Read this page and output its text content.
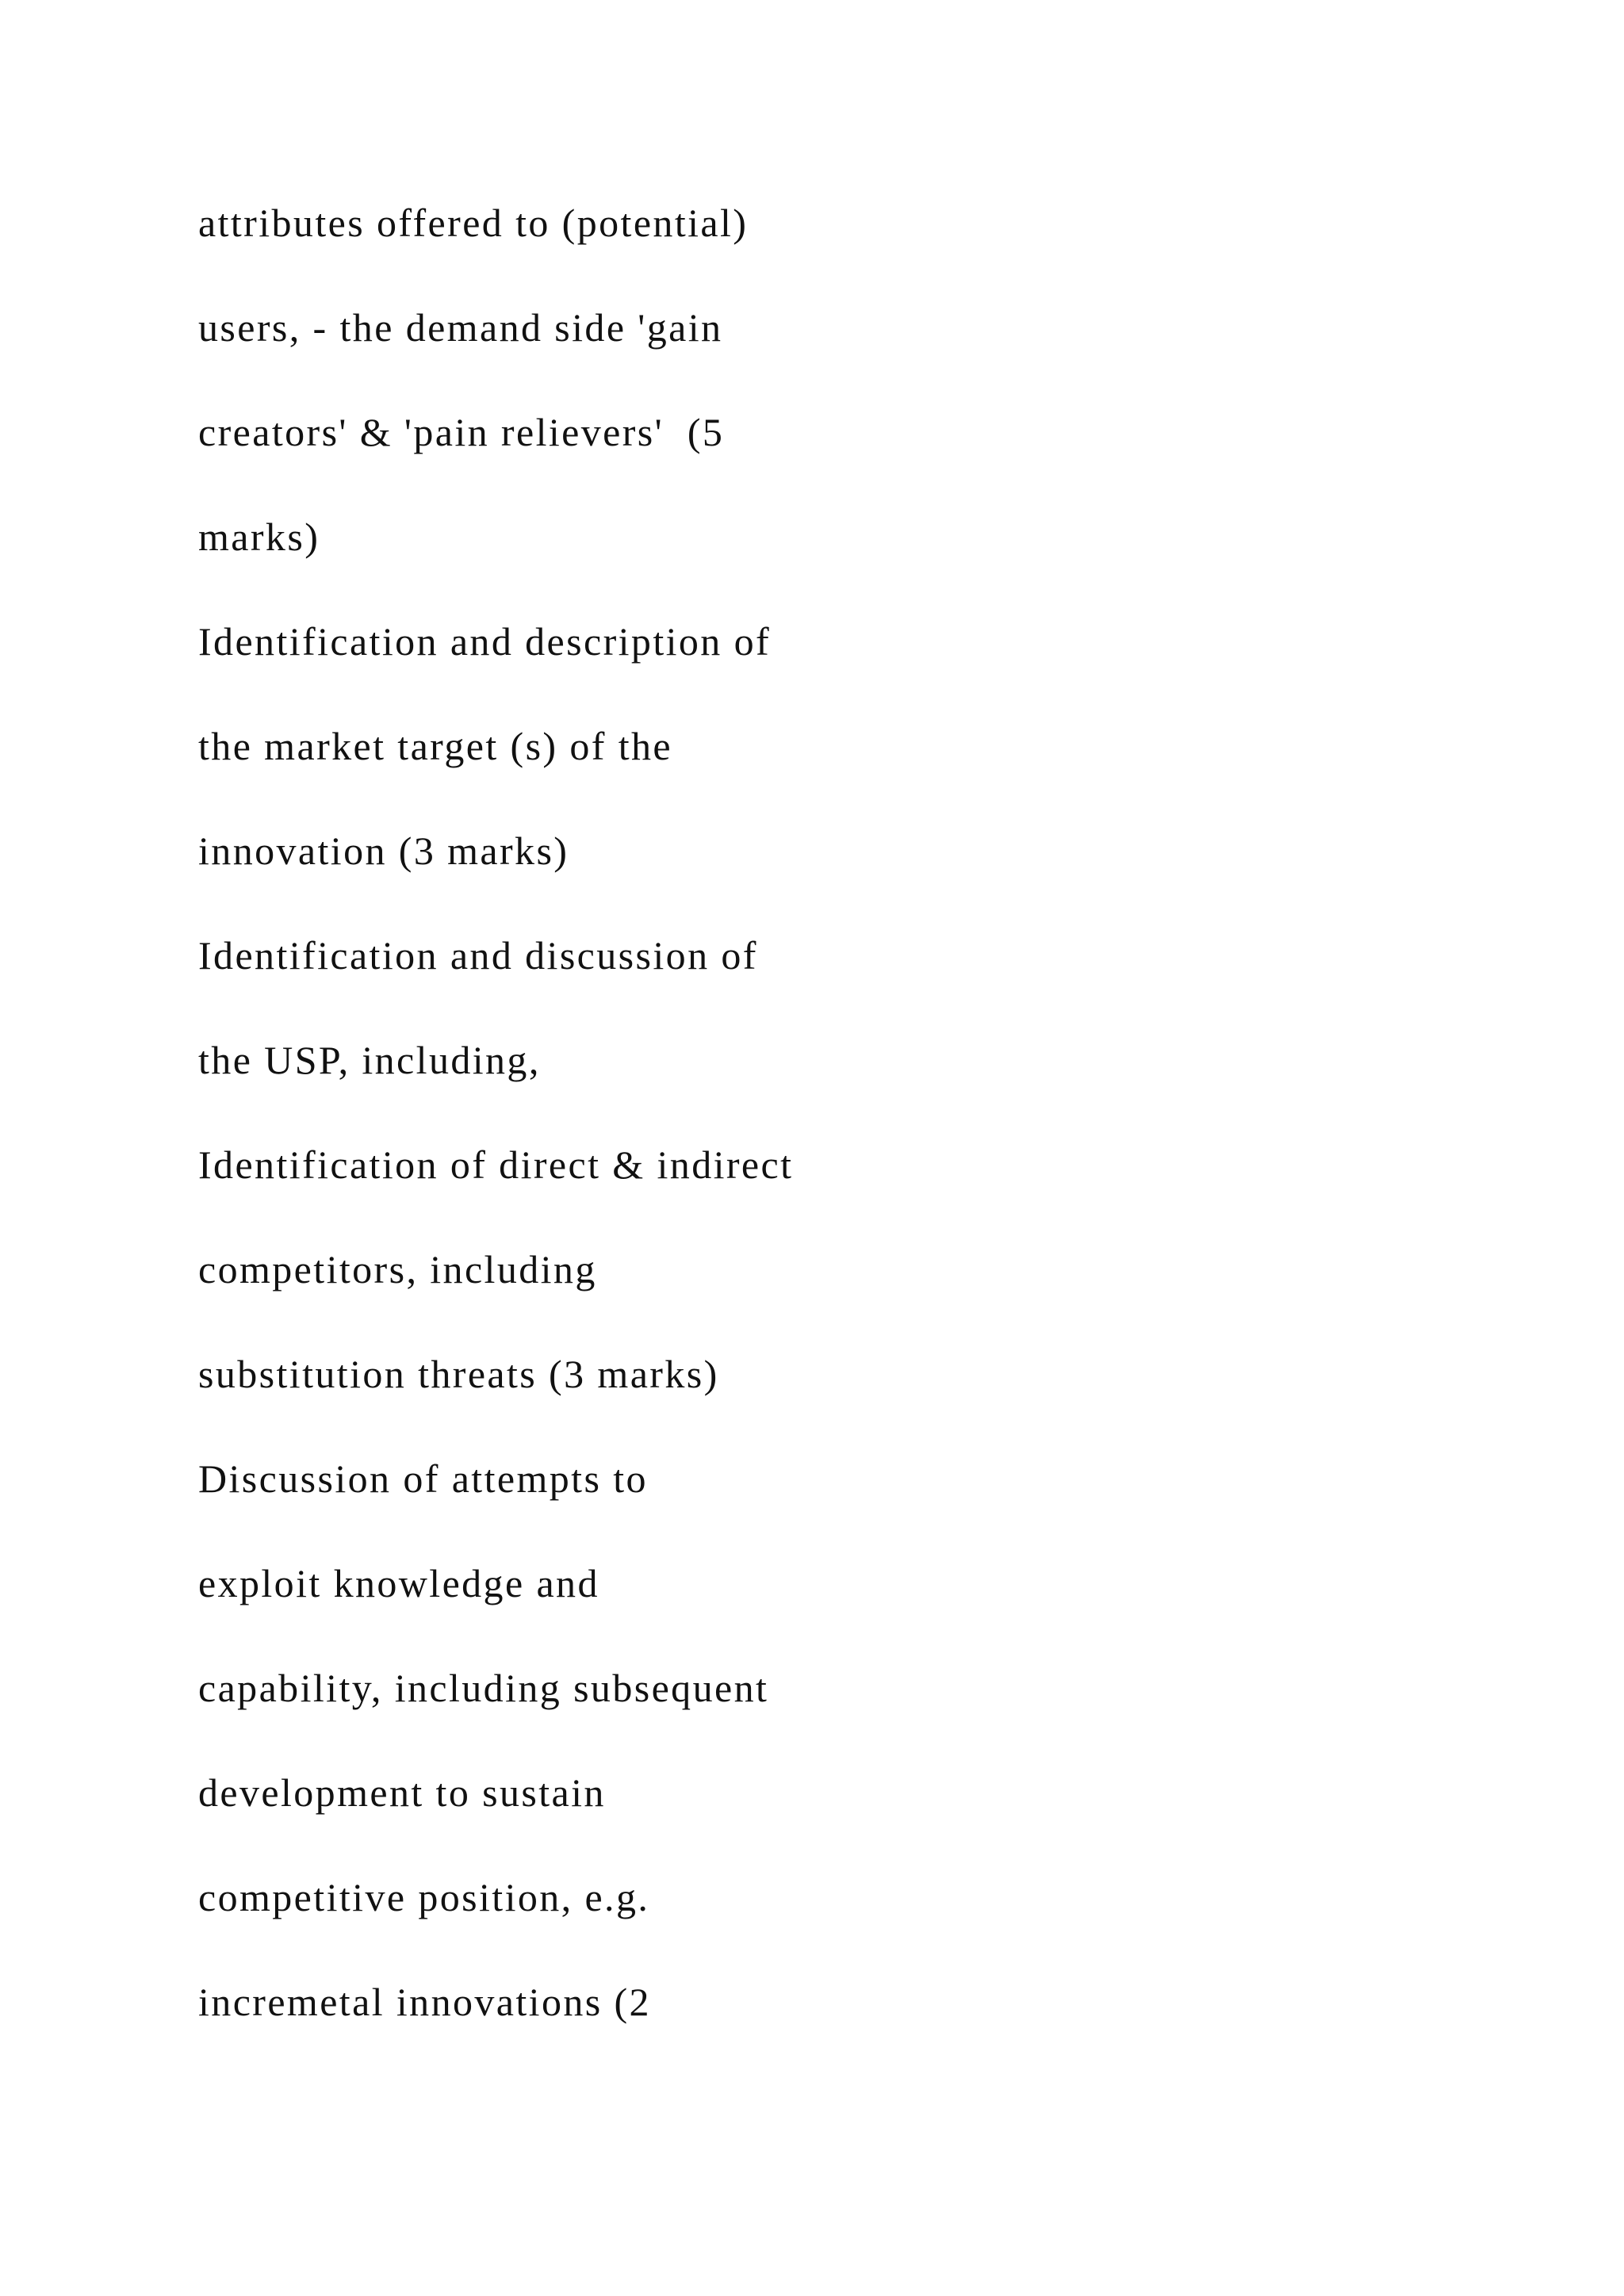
attributes offered to (potential)
users, - the demand side 'gain
creators' & 'pain relievers'  (5
marks)
Identification and description of
the market target (s) of the
innovation (3 marks)
Identification and discussion of
the USP, including,
Identification of direct & indirect
competitors, including
substitution threats (3 marks)
Discussion of attempts to
exploit knowledge and
capability, including subsequent
development to sustain
competitive position, e.g.
incremetal innovations (2
